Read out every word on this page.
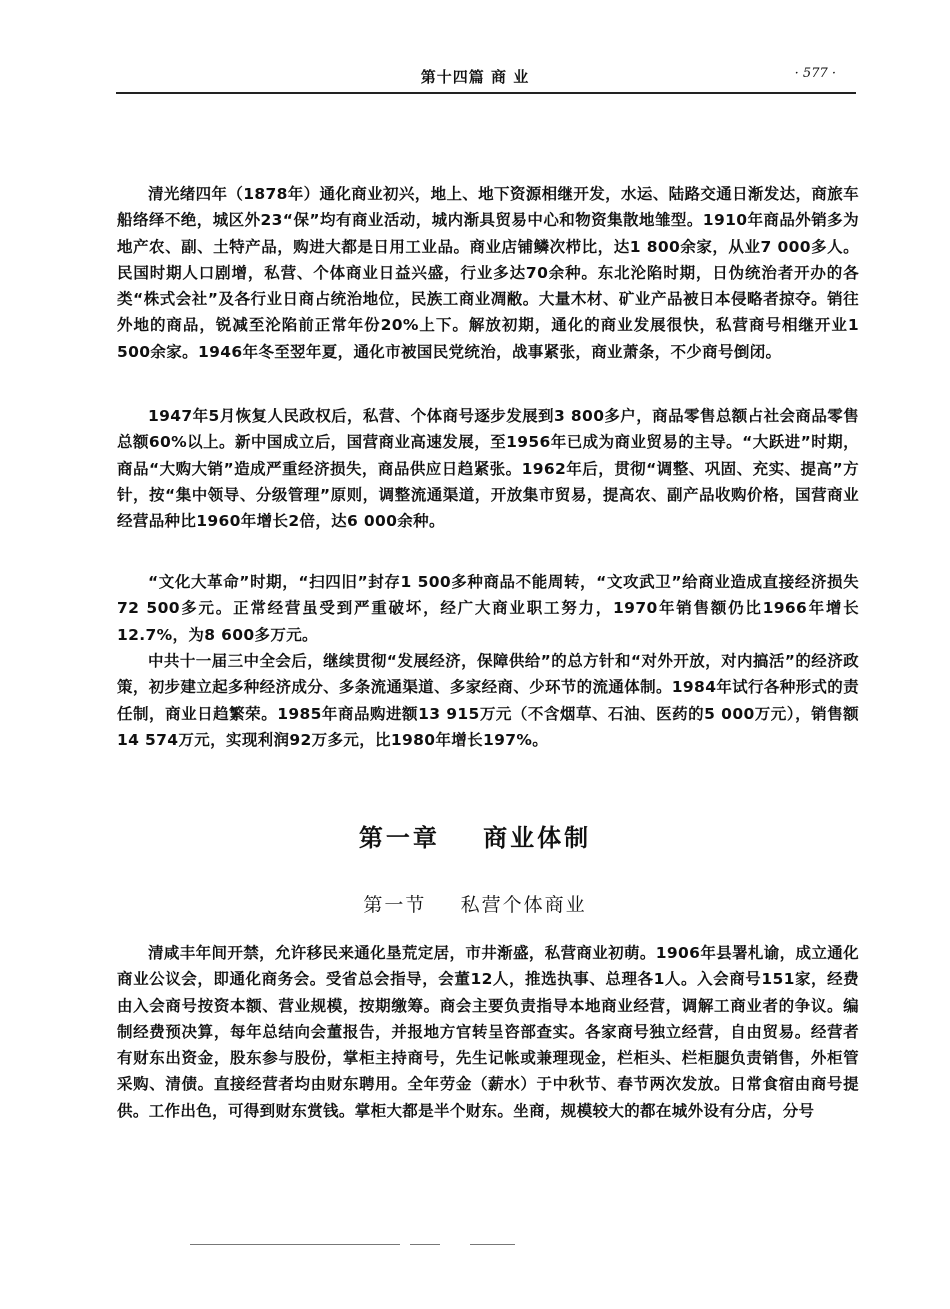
第十四篇 商 业	· 577 ·

清光绪四年（1878年）通化商业初兴，地上、地下资源相继开发，水运、陆路交通日渐发达，商旅车船络绎不绝，城区外23“保”均有商业活动，城内渐具贸易中心和物资集散地雏型。1910年商品外销多为地产农、副、土特产品，购进大都是日用工业品。商业店铺鳞次栉比，达1 800余家，从业7 000多人。民国时期人口剧增，私营、个体商业日益兴盛，行业多达70余种。东北沦陷时期，日伪统治者开办的各类“株式会社”及各行业日商占统治地位，民族工商业凋敝。大量木材、矿业产品被日本侵略者掠夺。销往外地的商品，锐减至沦陷前正常年份20%上下。解放初期，通化的商业发展很快，私营商号相继开业1 500余家。1946年冬至翌年夏，通化市被国民党统治，战事紧张，商业萧条，不少商号倒闭。

1947年5月恢复人民政权后，私营、个体商号逐步发展到3 800多户，商品零售总额占社会商品零售总额60%以上。新中国成立后，国营商业高速发展，至1956年已成为商业贸易的主导。“大跃进”时期，商品“大购大销”造成严重经济损失，商品供应日趋紧张。1962年后，贯彻“调整、巩固、充实、提高”方针，按“集中领导、分级管理”原则，调整流通渠道，开放集市贸易，提高农、副产品收购价格，国营商业经营品种比1960年增长2倍，达6 000余种。

“文化大革命”时期，“扫四旧”封存1 500多种商品不能周转，“文攻武卫”给商业造成直接经济损失72 500多元。正常经营虽受到严重破坏，经广大商业职工努力，1970年销售额仍比1966年增长12.7%，为8 600多万元。

中共十一届三中全会后，继续贯彻“发展经济，保障供给”的总方针和“对外开放，对内搞活”的经济政策，初步建立起多种经济成分、多条流通渠道、多家经商、少环节的流通体制。1984年试行各种形式的责任制，商业日趋繁荣。1985年商品购进额13 915万元（不含烟草、石油、医药的5 000万元），销售额14 574万元，实现利润92万多元，比1980年增长197%。

第一章 商业体制
第一节 私营个体商业

清咸丰年间开禁，允许移民来通化垦荒定居，市井渐盛，私营商业初萌。1906年县署札谕，成立通化商业公议会，即通化商务会。受省总会指导，会董12人，推选执事、总理各1人。入会商号151家，经费由入会商号按资本额、营业规模，按期缴筹。商会主要负责指导本地商业经营，调解工商业者的争议。编制经费预决算，每年总结向会董报告，并报地方官转呈咨部查实。各家商号独立经营，自由贸易。经营者有财东出资金，股东参与股份，掌柜主持商号，先生记帐或兼理现金，栏柜头、栏柜腿负责销售，外柜管采购、清债。直接经营者均由财东聘用。全年劳金（薪水）于中秋节、春节两次发放。日常食宿由商号提供。工作出色，可得到财东赏钱。掌柜大都是半个财东。坐商，规模较大的都在城外设有分店，分号
